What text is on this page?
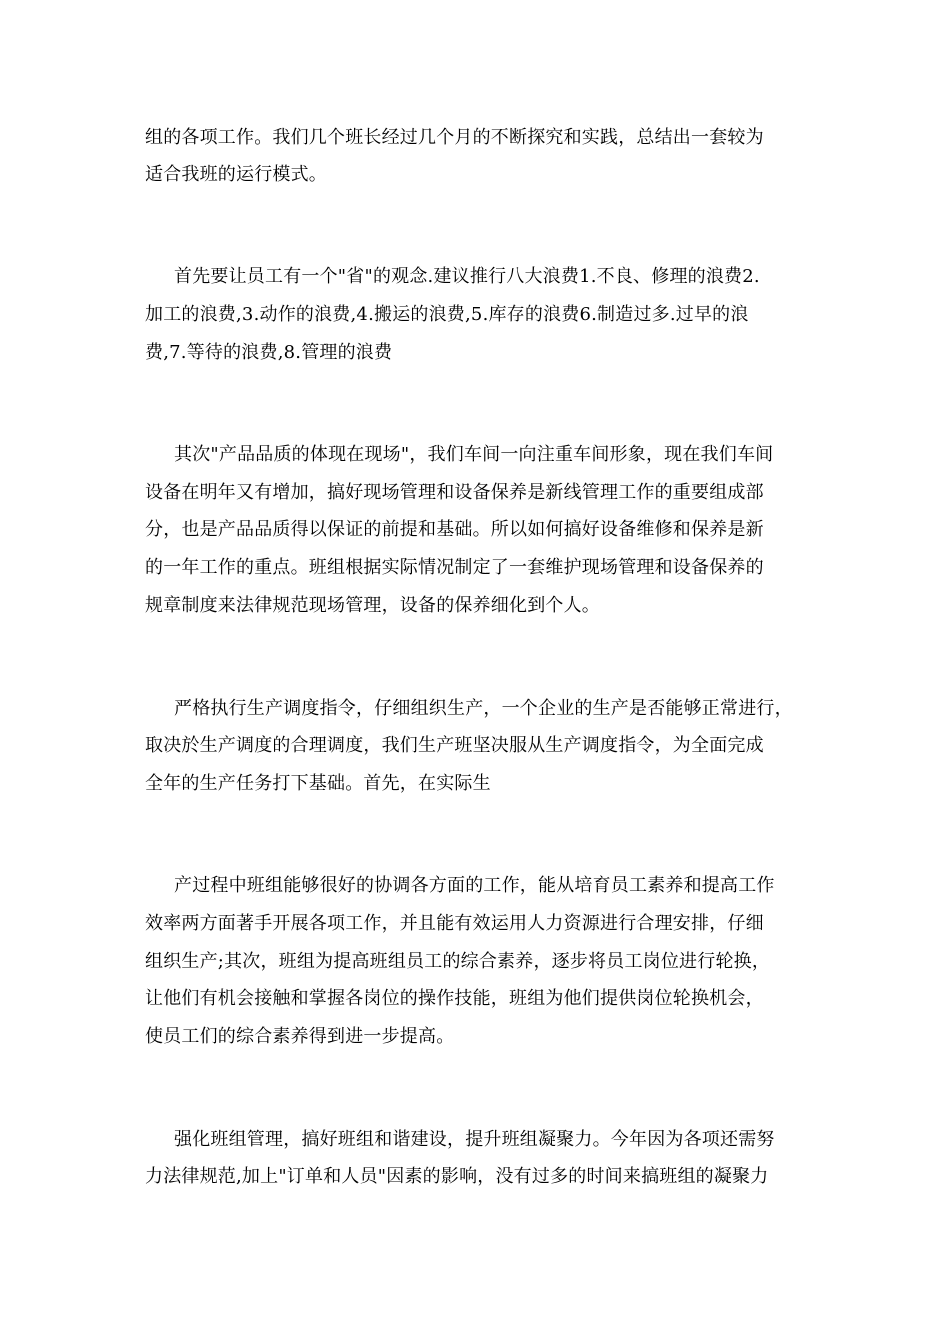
组的各项工作。我们几个班长经过几个月的不断探究和实践，总结出一套较为
适合我班的运行模式。
首先要让员工有一个"省"的观念.建议推行八大浪费1.不良、修理的浪费2.
加工的浪费,3.动作的浪费,4.搬运的浪费,5.库存的浪费6.制造过多.过早的浪
费,7.等待的浪费,8.管理的浪费
其次"产品品质的体现在现场"，我们车间一向注重车间形象，现在我们车间
设备在明年又有增加，搞好现场管理和设备保养是新线管理工作的重要组成部
分，也是产品品质得以保证的前提和基础。所以如何搞好设备维修和保养是新
的一年工作的重点。班组根据实际情况制定了一套维护现场管理和设备保养的
规章制度来法律规范现场管理，设备的保养细化到个人。
严格执行生产调度指令，仔细组织生产，一个企业的生产是否能够正常进行，
取决於生产调度的合理调度，我们生产班坚决服从生产调度指令，为全面完成
全年的生产任务打下基础。首先，在实际生
产过程中班组能够很好的协调各方面的工作，能从培育员工素养和提高工作
效率两方面著手开展各项工作，并且能有效运用人力资源进行合理安排，仔细
组织生产;其次，班组为提高班组员工的综合素养，逐步将员工岗位进行轮换，
让他们有机会接触和掌握各岗位的操作技能，班组为他们提供岗位轮换机会，
使员工们的综合素养得到进一步提高。
强化班组管理，搞好班组和谐建设，提升班组凝聚力。今年因为各项还需努
力法律规范,加上"订单和人员"因素的影响，没有过多的时间来搞班组的凝聚力
